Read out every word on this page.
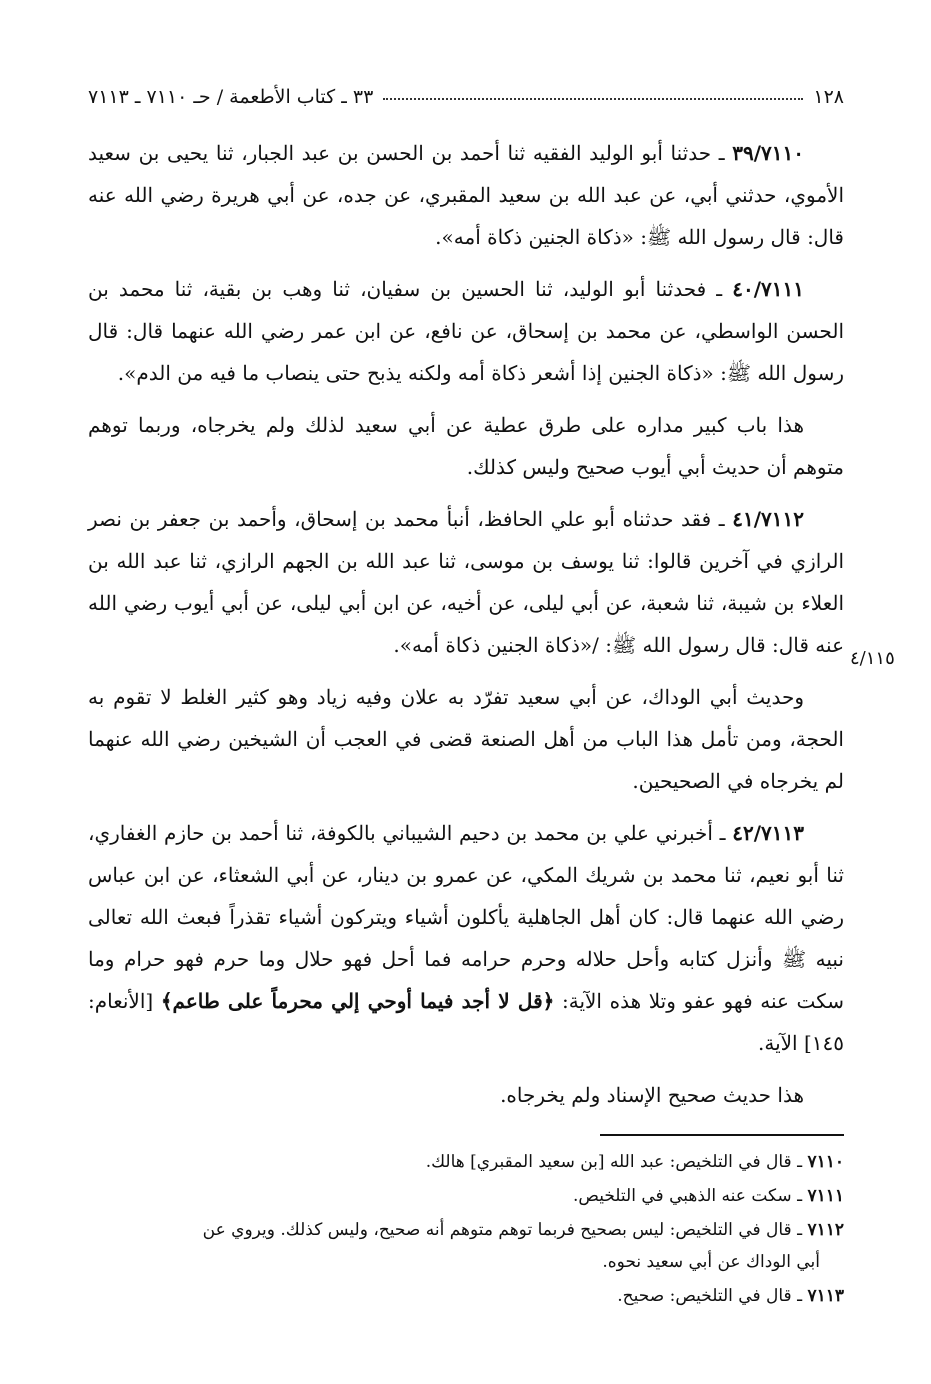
١٢٨
٣٣ ـ كتاب الأطعمة / حـ ٧١١٠ ـ ٧١١٣

٣٩/٧١١٠ ـ حدثنا أبو الوليد الفقيه ثنا أحمد بن الحسن بن عبد الجبار، ثنا يحيى بن سعيد الأموي، حدثني أبي، عن عبد الله بن سعيد المقبري، عن جده، عن أبي هريرة رضي الله عنه قال: قال رسول الله ﷺ: «ذكاة الجنين ذكاة أمه».

٤٠/٧١١١ ـ فحدثنا أبو الوليد، ثنا الحسين بن سفيان، ثنا وهب بن بقية، ثنا محمد بن الحسن الواسطي، عن محمد بن إسحاق، عن نافع، عن ابن عمر رضي الله عنهما قال: قال رسول الله ﷺ: «ذكاة الجنين إذا أشعر ذكاة أمه ولكنه يذبح حتى ينصاب ما فيه من الدم».

هذا باب كبير مداره على طرق عطية عن أبي سعيد لذلك ولم يخرجاه، وربما توهم متوهم أن حديث أبي أيوب صحيح وليس كذلك.

٤١/٧١١٢ ـ فقد حدثناه أبو علي الحافظ، أنبأ محمد بن إسحاق، وأحمد بن جعفر بن نصر الرازي في آخرين قالوا: ثنا يوسف بن موسى، ثنا عبد الله بن الجهم الرازي، ثنا عبد الله بن العلاء بن شيبة، ثنا شعبة، عن أبي ليلى، عن أخيه، عن ابن أبي ليلى، عن أبي أيوب رضي الله عنه قال: قال رسول الله ﷺ: /«ذكاة الجنين ذكاة أمه».

وحديث أبي الوداك، عن أبي سعيد تفرّد به علان وفيه زياد وهو كثير الغلط لا تقوم به الحجة، ومن تأمل هذا الباب من أهل الصنعة قضى في العجب أن الشيخين رضي الله عنهما لم يخرجاه في الصحيحين.

٤٢/٧١١٣ ـ أخبرني علي بن محمد بن دحيم الشيباني بالكوفة، ثنا أحمد بن حازم الغفاري، ثنا أبو نعيم، ثنا محمد بن شريك المكي، عن عمرو بن دينار، عن أبي الشعثاء، عن ابن عباس رضي الله عنهما قال: كان أهل الجاهلية يأكلون أشياء ويتركون أشياء تقذراً فبعث الله تعالى نبيه ﷺ وأنزل كتابه وأحل حلاله وحرم حرامه فما أحل فهو حلال وما حرم فهو حرام وما سكت عنه فهو عفو وتلا هذه الآية: ﴿قل لا أجد فيما أوحي إلي محرماً على طاعم﴾ [الأنعام: ١٤٥] الآية.

هذا حديث صحيح الإسناد ولم يخرجاه.

٤/١١٥
٧١١٠ ـ قال في التلخيص: عبد الله [بن سعيد المقبري] هالك.
٧١١١ ـ سكت عنه الذهبي في التلخيص.
٧١١٢ ـ قال في التلخيص: ليس بصحيح فربما توهم متوهم أنه صحيح، وليس كذلك. ويروي عن
أبي الوداك عن أبي سعيد نحوه.
٧١١٣ ـ قال في التلخيص: صحيح.
